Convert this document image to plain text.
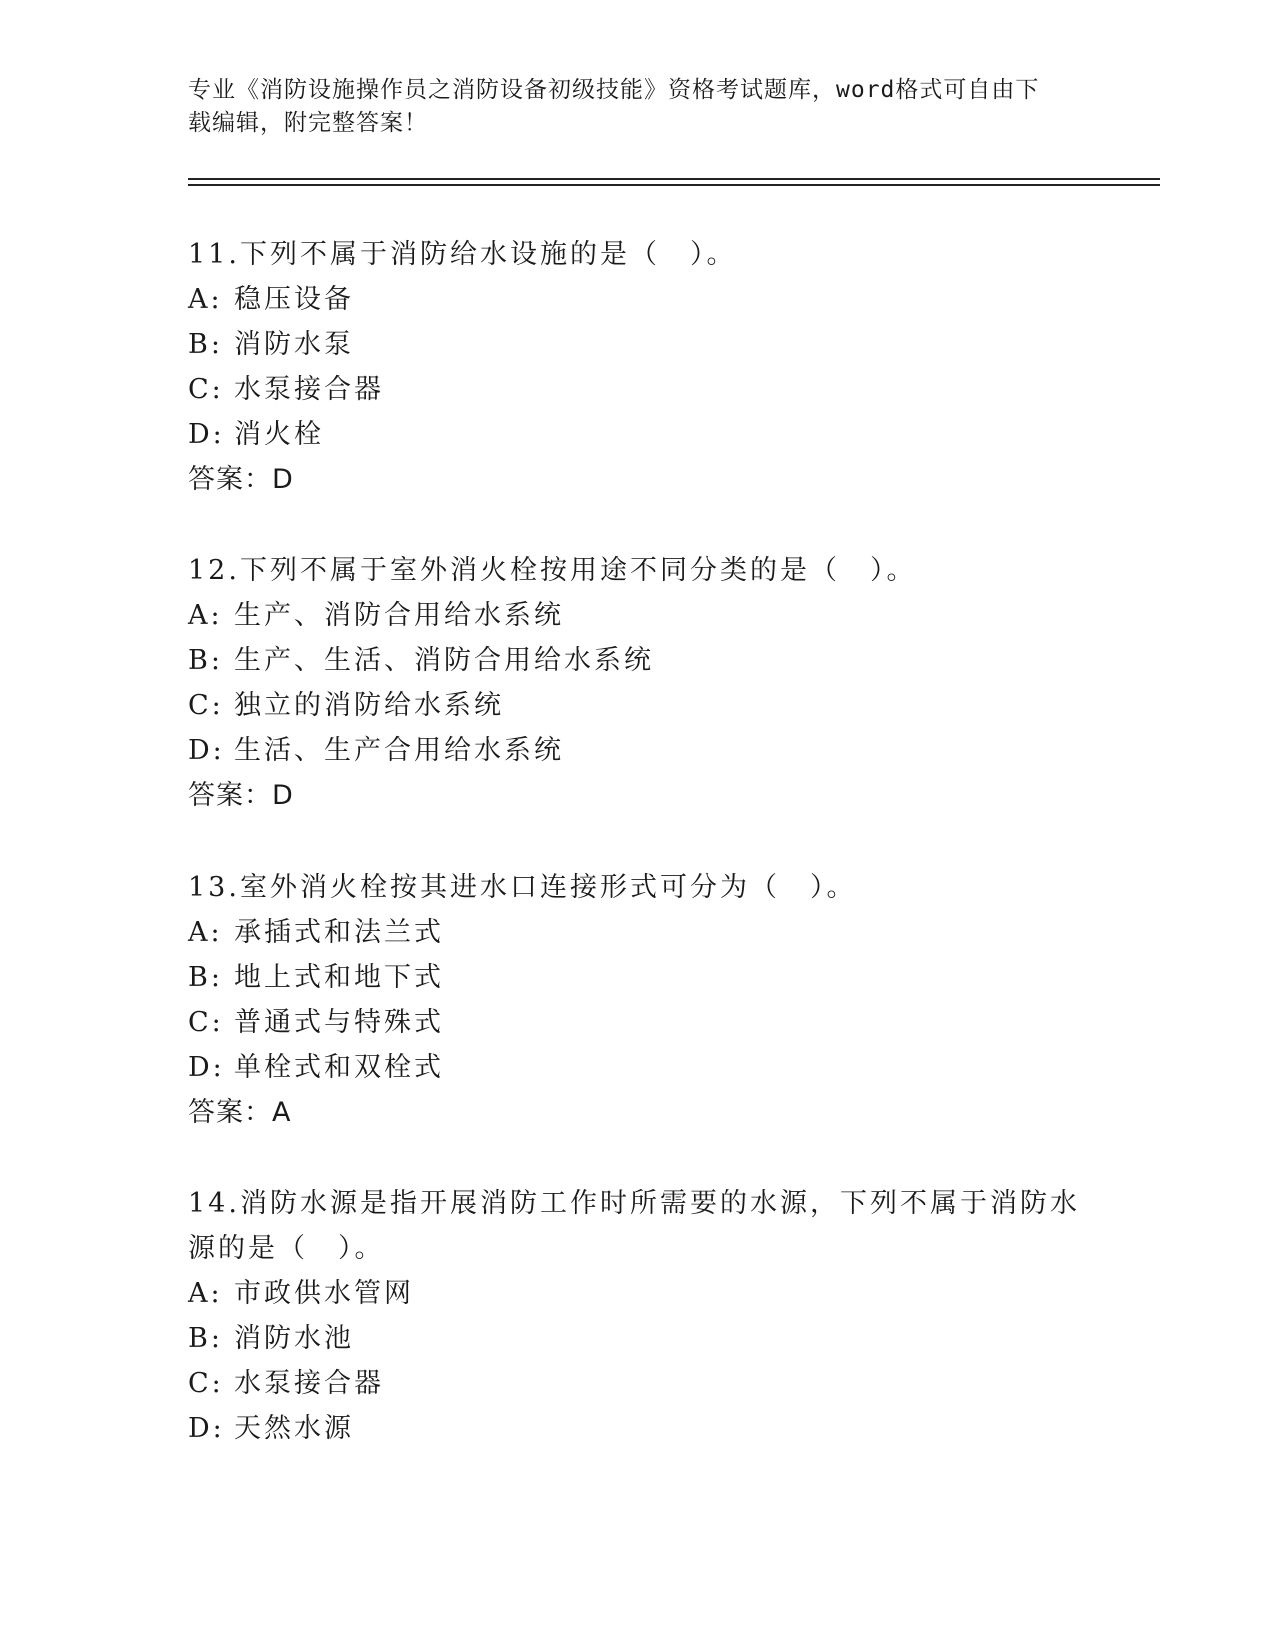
专业《消防设施操作员之消防设备初级技能》资格考试题库，word格式可自由下
载编辑，附完整答案！

11.下列不属于消防给水设施的是（　）。

A: 稳压设备

B: 消防水泵

C: 水泵接合器

D: 消火栓

答案：D

12.下列不属于室外消火栓按用途不同分类的是（　）。

A: 生产、消防合用给水系统

B: 生产、生活、消防合用给水系统

C: 独立的消防给水系统

D: 生活、生产合用给水系统

答案：D

13.室外消火栓按其进水口连接形式可分为（　）。

A: 承插式和法兰式

B: 地上式和地下式

C: 普通式与特殊式

D: 单栓式和双栓式

答案：A

14.消防水源是指开展消防工作时所需要的水源，下列不属于消防水源的是（　）。

A: 市政供水管网

B: 消防水池

C: 水泵接合器

D: 天然水源
